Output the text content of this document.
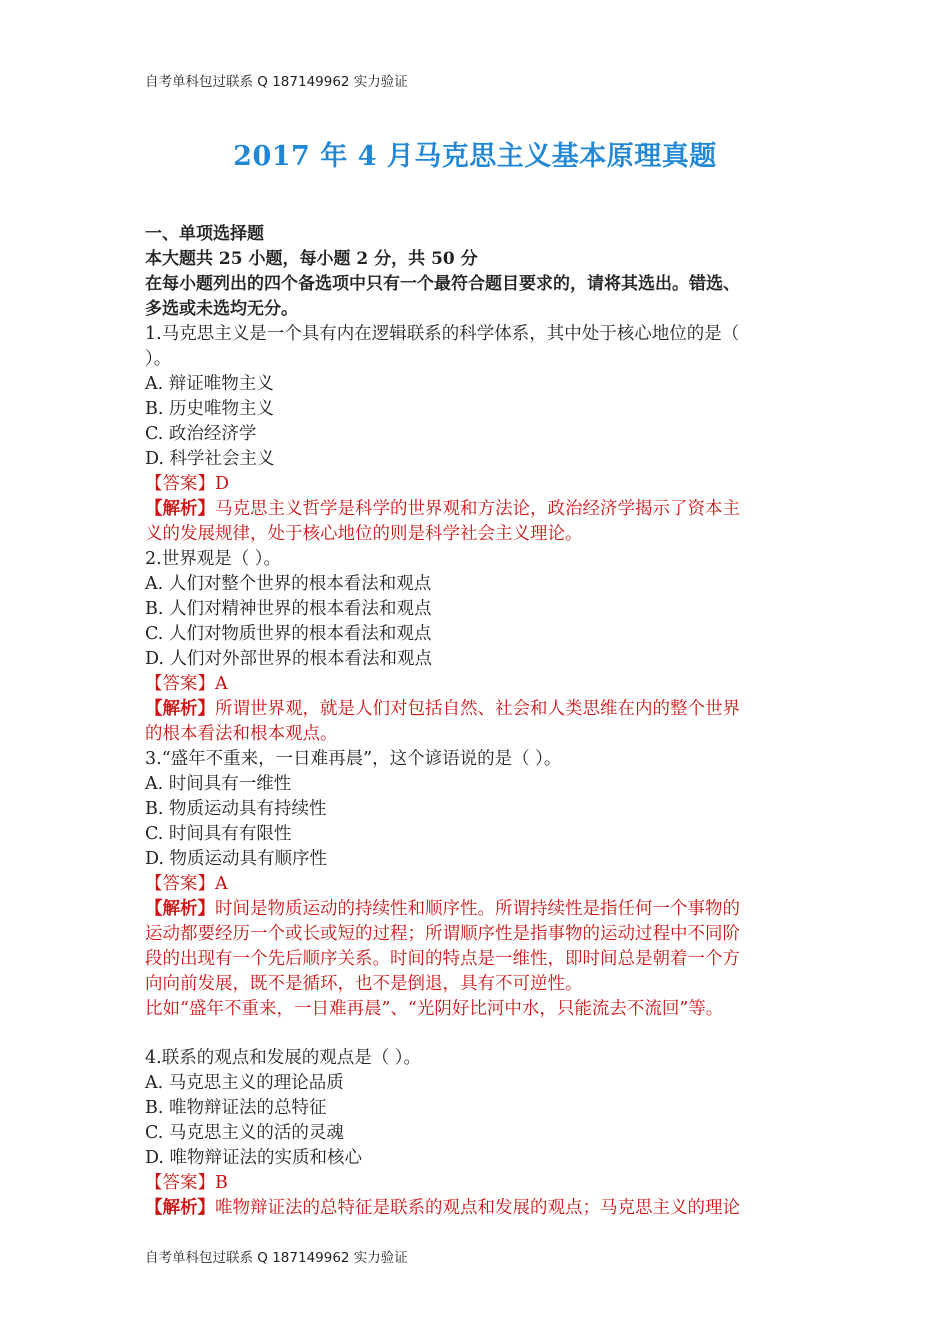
自考单科包过联系 Q 187149962 实力验证
2017 年 4 月马克思主义基本原理真题
一、单项选择题
本大题共 25 小题，每小题 2 分，共 50 分
在每小题列出的四个备选项中只有一个最符合题目要求的，请将其选出。错选、
多选或未选均无分。
1.马克思主义是一个具有内在逻辑联系的科学体系，其中处于核心地位的是（
）。
A. 辩证唯物主义
B. 历史唯物主义
C. 政治经济学
D. 科学社会主义
【答案】D
【解析】马克思主义哲学是科学的世界观和方法论，政治经济学揭示了资本主
义的发展规律，处于核心地位的则是科学社会主义理论。
2.世界观是（ ）。
A. 人们对整个世界的根本看法和观点
B. 人们对精神世界的根本看法和观点
C. 人们对物质世界的根本看法和观点
D. 人们对外部世界的根本看法和观点
【答案】A
【解析】所谓世界观，就是人们对包括自然、社会和人类思维在内的整个世界
的根本看法和根本观点。
3.“盛年不重来，一日难再晨”，这个谚语说的是（ ）。
A. 时间具有一维性
B. 物质运动具有持续性
C. 时间具有有限性
D. 物质运动具有顺序性
【答案】A
【解析】时间是物质运动的持续性和顺序性。所谓持续性是指任何一个事物的
运动都要经历一个或长或短的过程；所谓顺序性是指事物的运动过程中不同阶
段的出现有一个先后顺序关系。时间的特点是一维性，即时间总是朝着一个方
向向前发展，既不是循环，也不是倒退，具有不可逆性。
比如“盛年不重来，一日难再晨”、“光阴好比河中水，只能流去不流回”等。
4.联系的观点和发展的观点是（ ）。
A. 马克思主义的理论品质
B. 唯物辩证法的总特征
C. 马克思主义的活的灵魂
D. 唯物辩证法的实质和核心
【答案】B
【解析】唯物辩证法的总特征是联系的观点和发展的观点；马克思主义的理论
自考单科包过联系 Q 187149962 实力验证
